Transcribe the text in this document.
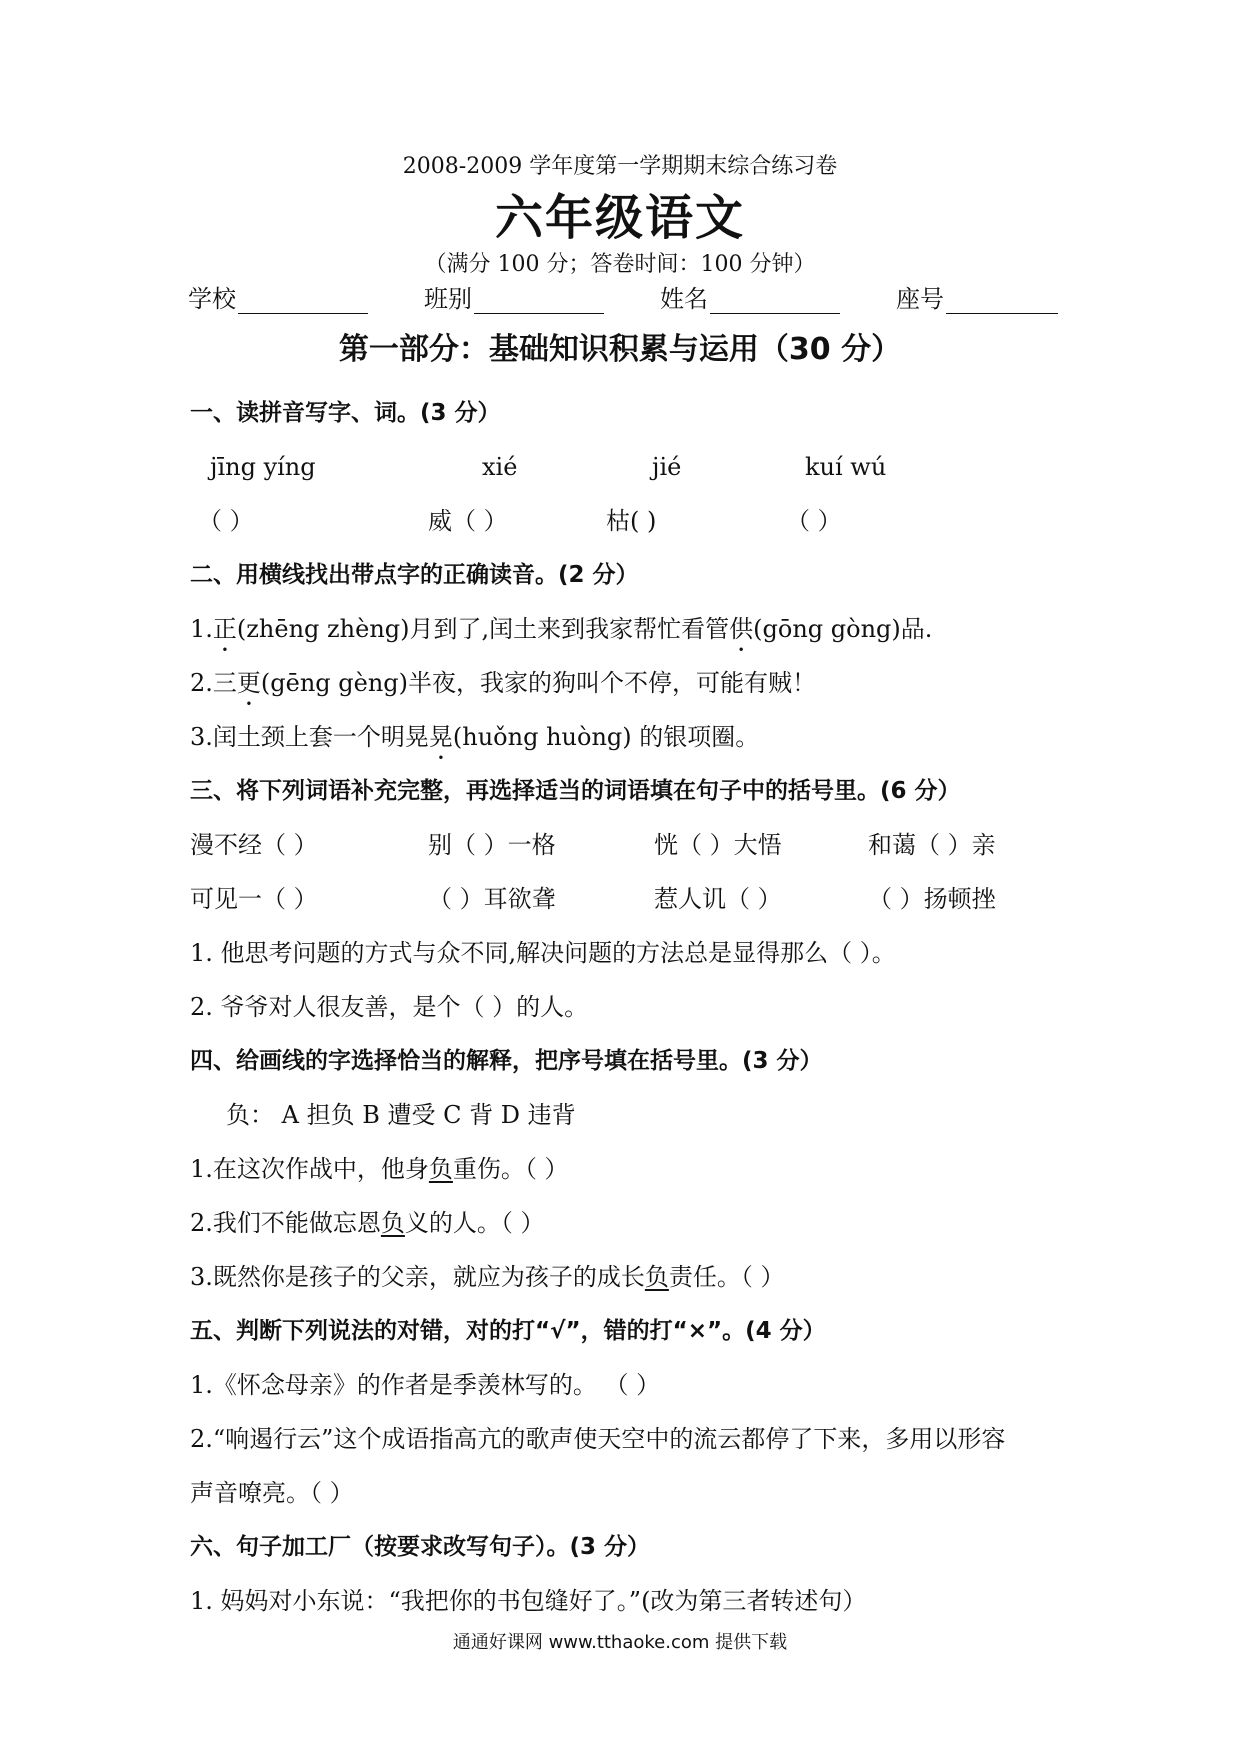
2008-2009 学年度第一学期期末综合练习卷
六年级语文
（满分 100 分；答卷时间：100 分钟）
学校	班别	姓名	座号
第一部分：基础知识积累与运用（30 分）
一、读拼音写字、词。(3 分）
jīng yíng	xié	jié	kuí wú
（ ）	威（ ）	枯( )	（ ）
二、用横线找出带点字的正确读音。(2 分）
1.正(zhēng zhèng)月到了,闰土来到我家帮忙看管供(gōng gòng)品.
2.三更(gēng gèng)半夜，我家的狗叫个不停，可能有贼！
3.闰土颈上套一个明晃晃(huǒng huòng) 的银项圈。
三、将下列词语补充完整，再选择适当的词语填在句子中的括号里。(6 分）
漫不经（ ）	别（ ）一格	恍（ ）大悟	和蔼（ ）亲
可见一（ ）	（ ）耳欲聋	惹人讥（ ）	（ ）扬顿挫
1. 他思考问题的方式与众不同,解决问题的方法总是显得那么（ ）。
2. 爷爷对人很友善，是个（ ）的人。
四、给画线的字选择恰当的解释，把序号填在括号里。(3 分）
负： A 担负 B 遭受 C 背 D 违背
1.在这次作战中，他身负重伤。（ ）
2.我们不能做忘恩负义的人。（ ）
3.既然你是孩子的父亲，就应为孩子的成长负责任。（ ）
五、判断下列说法的对错，对的打“√”，错的打“×”。(4 分）
1.《怀念母亲》的作者是季羡林写的。 （ ）
2.“响遏行云”这个成语指高亢的歌声使天空中的流云都停了下来，多用以形容
声音嘹亮。（ ）
六、句子加工厂（按要求改写句子）。(3 分）
1. 妈妈对小东说：“我把你的书包缝好了。”(改为第三者转述句）
通通好课网 www.tthaoke.com 提供下载
